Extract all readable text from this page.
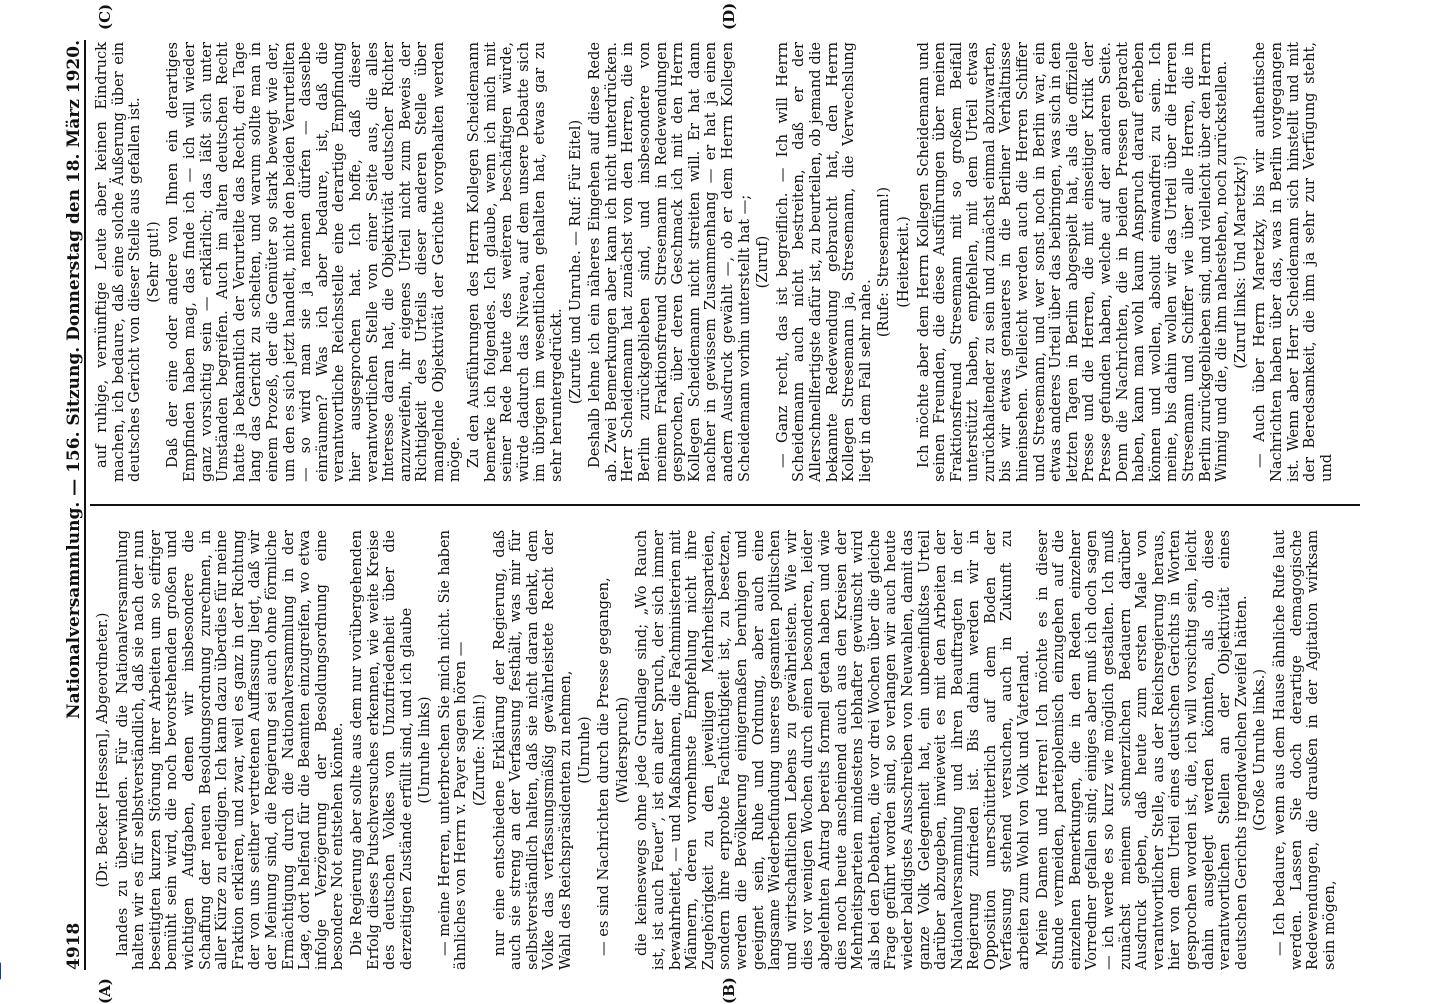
4918
Nationalversammlung. — 156. Sitzung. Donnerstag den 18. März 1920.
(A)	(B)
(C)	(D)

(Dr. Becker [Hessen], Abgeordneter.) landes zu überwinden. Für die Nationalversammlung halten wir es für selbstverständlich, daß sie nach der nun beseitigten kurzen Störung ihrer Arbeiten um so eifriger bemüht sein wird, die noch bevorstehenden großen und wichtigen Aufgaben, denen wir insbesondere die Schaffung der neuen Besoldungsordnung zurechnen, in aller Kürze zu erledigen. Ich kann dazu überdies für meine Fraktion erklären, und zwar, weil es ganz in der Richtung der von uns seither vertretenen Auffassung liegt, daß wir der Meinung sind, die Regierung sei auch ohne förmliche Ermächtigung durch die Nationalversammlung in der Lage, dort helfend für die Beamten einzugreifen, wo etwa infolge Verzögerung der Besoldungsordnung eine besondere Not entstehen könnte. Die Regierung aber sollte aus dem nur vorübergehenden Erfolg dieses Putschversuches erkennen, wie weite Kreise des deutschen Volkes von Unzufriedenheit über die derzeitigen Zustände erfüllt sind, und ich glaube (Unruhe links) — meine Herren, unterbrechen Sie mich nicht. Sie haben ähnliches von Herrn v. Payer sagen hören — (Zurufe: Nein!) nur eine entschiedene Erklärung der Regierung, daß auch sie streng an der Verfassung festhält, was mir für selbstverständlich halten, daß sie nicht daran denkt, dem Volke das verfassungsmäßig gewährleistete Recht der Wahl des Reichspräsidenten zu nehmen, (Unruhe) — es sind Nachrichten durch die Presse gegangen, (Widerspruch) die keineswegs ohne jede Grundlage sind; „Wo Rauch ist, ist auch Feuer“, ist ein alter Spruch, der sich immer bewahrheitet, — und Maßnahmen, die Fachministerien mit Männern, deren vornehmste Empfehlung nicht ihre Zugehörigkeit zu den jeweiligen Mehrheitsparteien, sondern ihre erprobte Fachtüchtigkeit ist, zu besetzen, werden die Bevölkerung einigermaßen beruhigen und geeignet sein, Ruhe und Ordnung, aber auch eine langsame Wiederbefundung unseres gesamten politischen und wirtschaftlichen Lebens zu gewährleisten. Wie wir dies vor wenigen Wochen durch einen besonderen, leider abgelehnten Antrag bereits formell getan haben und wie dies noch heute anscheinend auch aus den Kreisen der Mehrheitsparteien mindestens lebhafter gewünscht wird als bei den Debatten, die vor drei Wochen über die gleiche Frage geführt worden sind, so verlangen wir auch heute wieder baldigstes Ausschreiben von Neuwahlen, damit das ganze Volk Gelegenheit hat, ein unbeeinflußtes Urteil darüber abzugeben, inwieweit es mit den Arbeiten der Nationalversammlung und ihren Beauftragten in der Regierung zufrieden ist. Bis dahin werden wir in Opposition unerschütterlich auf dem Boden der Verfassung stehend versuchen, auch in Zukunft zu arbeiten zum Wohl von Volk und Vaterland. Meine Damen und Herren! Ich möchte es in dieser Stunde vermeiden, parteipolemisch einzugehen auf die einzelnen Bemerkungen, die in den Reden einzelner Vorredner gefallen sind; einiges aber muß ich doch sagen — ich werde es so kurz wie möglich gestalten. Ich muß zunächst meinem schmerzlichen Bedauern darüber Ausdruck geben, daß heute zum ersten Male von verantwortlicher Stelle, aus der Reichsregierung heraus, hier von dem Urteil eines deutschen Gerichts in Worten gesprochen worden ist, die, ich will vorsichtig sein, leicht dahin ausgelegt werden könnten, als ob diese verantwortlichen Stellen an der Objektivität eines deutschen Gerichts irgendwelchen Zweifel hätten. (Große Unruhe links.) — Ich bedaure, wenn aus dem Hause ähnliche Rufe laut werden. Lassen Sie doch derartige demagogische Redewendungen, die draußen in der Agitation wirksam sein mögen,

auf ruhige, vernünftige Leute aber keinen Eindruck machen, ich bedaure, daß eine solche Äußerung über ein deutsches Gericht von dieser Stelle aus gefallen ist. (Sehr gut!) Daß der eine oder andere von Ihnen ein derartiges Empfinden haben mag, das finde ich — ich will wieder ganz vorsichtig sein — erklärlich; das läßt sich unter Umständen begreifen. Auch im alten deutschen Recht hatte ja bekanntlich der Verurteilte das Recht, drei Tage lang das Gericht zu schelten, und warum sollte man in einem Prozeß, der die Gemüter so stark bewegt wie der, um den es sich jetzt handelt, nicht den beiden Verurteilten — so wird man sie ja nennen dürfen — dasselbe einräumen? Was ich aber bedaure, ist, daß die verantwortliche Reichsstelle eine derartige Empfindung hier ausgesprochen hat. Ich hoffe, daß dieser verantwortlichen Stelle von einer Seite aus, die alles Interesse daran hat, die Objektivität deutscher Richter anzuzweifeln, ihr eigenes Urteil nicht zum Beweis der Richtigkeit des Urteils dieser anderen Stelle über mangelnde Objektivität der Gerichte vorgehalten werden möge. Zu den Ausführungen des Herrn Kollegen Scheidemann bemerke ich folgendes. Ich glaube, wenn ich mich mit seiner Rede heute des weiteren beschäftigen würde, würde dadurch das Niveau, auf dem unsere Debatte sich im übrigen im wesentlichen gehalten hat, etwas gar zu sehr heruntergedrückt. (Zurufe und Unruhe. — Ruf: Für Eitel) Deshalb lehne ich ein näheres Eingehen auf diese Rede ab. Zwei Bemerkungen aber kann ich nicht unterdrücken. Herr Scheidemann hat zunächst von den Herren, die in Berlin zurückgeblieben sind, und insbesondere von meinem Fraktionsfreund Stresemann in Redewendungen gesprochen, über deren Geschmack ich mit den Herrn Kollegen Scheidemann nicht streiten will. Er hat dann nachher in gewissem Zusammenhang — er hat ja einen andern Ausdruck gewählt —, ob er dem Herrn Kollegen Scheidemann vorhin unterstellt hat —; (Zuruf) — Ganz recht, das ist begreiflich. — Ich will Herrn Scheidemann auch nicht bestreiten, daß er der Allerschnellfertigste dafür ist, zu beurteilen, ob jemand die bekannte Redewendung gebraucht hat, den Herrn Kollegen Stresemann ja, Stresemann, die Verwechslung liegt in dem Fall sehr nahe.

(Rufe: Stresemann!) (Heiterkeit.) Ich möchte aber dem Herrn Kollegen Scheidemann und seinen Freunden, die diese Ausführungen über meinen Fraktionsfreund Stresemann mit so großem Beifall unterstützt haben, empfehlen, mit dem Urteil etwas zurückhaltender zu sein und zunächst einmal abzuwarten, bis wir etwas genaueres in die Berliner Verhältnisse hineinsehen. Vielleicht werden auch die Herren Schiffer und Stresemann, und wer sonst noch in Berlin war, ein etwas anderes Urteil über das beibringen, was sich in den letzten Tagen in Berlin abgespielt hat, als die offizielle Presse und die Herren, die mit einseitiger Kritik der Presse gefunden haben, welche auf der anderen Seite. Denn die Nachrichten, die in beiden Pressen gebracht haben, kann man wohl kaum Anspruch darauf erheben können und wollen, absolut einwandfrei zu sein. Ich meine, bis dahin wollen wir das Urteil über die Herren Stresemann und Schiffer wie über alle Herren, die in Berlin zurückgeblieben sind, und vielleicht über den Herrn Winnig und die, die ihm nahestehen, noch zurückstellen. (Zuruf links: Und Maretzky!) — Auch über Herrn Maretzky, bis wir authentische Nachrichten haben über das, was in Berlin vorgegangen ist. Wenn aber Herr Scheidemann sich hinstellt und mit der Beredsamkeit, die ihm ja sehr zur Verfügung steht, und
